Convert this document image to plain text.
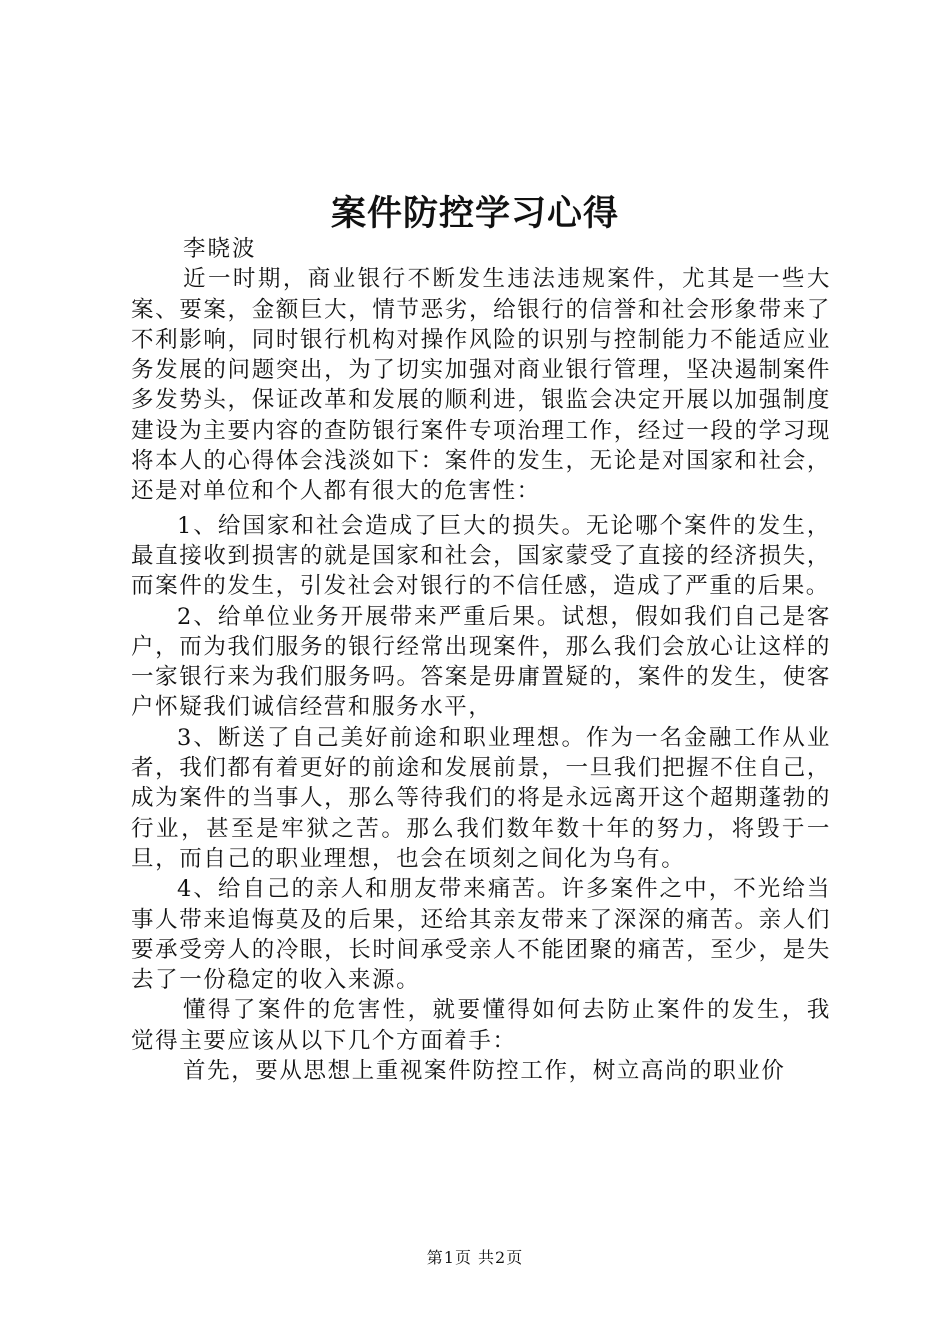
案件防控学习心得
李晓波

近一时期，商业银行不断发生违法违规案件，尤其是一些大案、要案，金额巨大，情节恶劣，给银行的信誉和社会形象带来了不利影响，同时银行机构对操作风险的识别与控制能力不能适应业务发展的问题突出，为了切实加强对商业银行管理，坚决遏制案件多发势头，保证改革和发展的顺利进，银监会决定开展以加强制度建设为主要内容的查防银行案件专项治理工作，经过一段的学习现将本人的心得体会浅淡如下：案件的发生，无论是对国家和社会，还是对单位和个人都有很大的危害性：

1、给国家和社会造成了巨大的损失。无论哪个案件的发生，最直接收到损害的就是国家和社会，国家蒙受了直接的经济损失，而案件的发生，引发社会对银行的不信任感，造成了严重的后果。

2、给单位业务开展带来严重后果。试想，假如我们自己是客户，而为我们服务的银行经常出现案件，那么我们会放心让这样的一家银行来为我们服务吗。答案是毋庸置疑的，案件的发生，使客户怀疑我们诚信经营和服务水平，

3、断送了自己美好前途和职业理想。作为一名金融工作从业者，我们都有着更好的前途和发展前景，一旦我们把握不住自己，成为案件的当事人，那么等待我们的将是永远离开这个超期蓬勃的行业，甚至是牢狱之苦。那么我们数年数十年的努力，将毁于一旦，而自己的职业理想，也会在顷刻之间化为乌有。

4、给自己的亲人和朋友带来痛苦。许多案件之中，不光给当事人带来追悔莫及的后果，还给其亲友带来了深深的痛苦。亲人们要承受旁人的冷眼，长时间承受亲人不能团聚的痛苦，至少，是失去了一份稳定的收入来源。

懂得了案件的危害性，就要懂得如何去防止案件的发生，我觉得主要应该从以下几个方面着手：

首先，要从思想上重视案件防控工作，树立高尚的职业价

第1页 共2页
